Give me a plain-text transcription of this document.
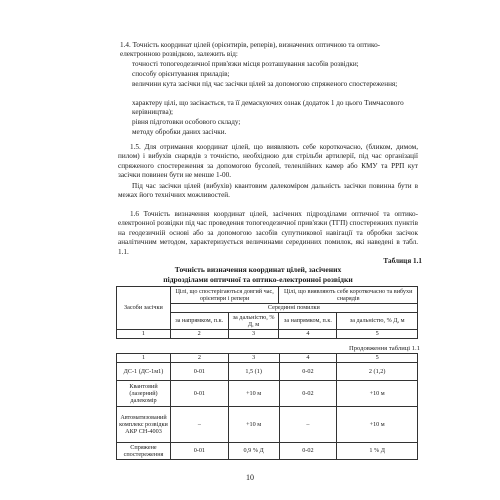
1.4. Точність координат цілей (орієнтирів, реперів), визначених оптичною та оптико-електронною розвідкою, залежить від:

точності топогеодезичної прив'язки місця розташування засобів розвідки;

способу орієнтування приладів;

величини кута засічки під час засічки цілей за допомогою спряженого спостереження;

характеру цілі, що засікається, та її демаскуючих ознак (додаток 1 до цього Тимчасового керівництва);

рівня підготовки особового складу;

методу обробки даних засічки.

1.5. Для отримання координат цілей, що виявляють себе короткочасно, (бликом, димом, пилом) і вибухів снарядів з точністю, необхідною для стрільби артилерії, під час організації спряженого спостереження за допомогою бусолей, теленлійних камер або КМУ та РРП кут засічки повинен бути не менше 1-00.

Під час засічки цілей (вибухів) квантовим далекоміром дальність засічки повинна бути в межах його технічних можливостей.

1.6 Точність визначення координат цілей, засічених підрозділами оптичної та оптико-електронної розвідки під час проведення топогеодезичної прив'язки (ТГП) спостережних пунктів на геодезичній основі або за допомогою засобів супутникової навігації та обробки засічок аналітичним методом, характеризується величинами серединних помилок, які наведені в табл. 1.1.

Таблиця 1.1
Точність визначення координат цілей, засічених
підрозділами оптичної та оптико-електронної розвідки
Засоби засічки	Цілі, що спостерігаються довгий час, орієнтири і репери		Цілі, що виявляють себе короткочасно та вибухи снарядів	
	Серединні помилки			
	за напрямком, п.к.	за дальністю, % Д, м	за напрямком, п.к.	за дальністю, % Д, м
1	2	3	4	5
Продовження таблиці 1.1
1	2	3	4	5
ДС-1 (ДС-1м1)	0-01	1,5 (1)	0-02	2 (1,2)
Квантовий (лазерний) далекомір	0-01	+10 м	0-02	+10 м
Автоматизований комплекс розвідки АКР СН-4003	–	+10 м	–	+10 м
Спряжене спостереження	0-01	0,9 % Д	0-02	1 % Д
10
